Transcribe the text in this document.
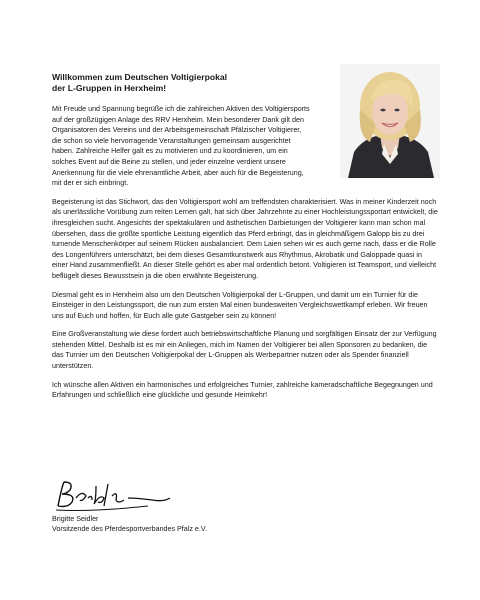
Willkommen zum Deutschen Voltigierpokal
der L-Gruppen in Herxheim!

Mit Freude und Spannung begrüße ich die zahlreichen Aktiven des Voltigiersports auf der großzügigen Anlage des RRV Herxheim. Mein besonderer Dank gilt den Organisatoren des Vereins und der Arbeitsgemeinschaft Pfälzischer Voltigierer, die schon so viele hervorragende Veranstaltungen gemeinsam ausgerichtet haben. Zahlreiche Helfer galt es zu motivieren und zu koordinieren, um ein solches Event auf die Beine zu stellen, und jeder einzelne verdient unsere Anerkennung für die viele ehrenamtliche Arbeit, aber auch für die Begeisterung, mit der er sich einbringt.

Begeisterung ist das Stichwort, das den Voltigiersport wohl am treffendsten charakterisiert. Was in meiner Kinderzeit noch als unerlässliche Vorübung zum reiten Lernen galt, hat sich über Jahrzehnte zu einer Hochleistungssportart entwickelt, die ihresgleichen sucht. Angesichts der spektakulären und ästhetischen Darbietungen der Voltigierer kann man schon mal übersehen, dass die größte sportliche Leistung eigentlich das Pferd erbringt, das in gleichmäßigem Galopp bis zu drei turnende Menschenkörper auf seinem Rücken ausbalanciert. Dem Laien sehen wir es auch gerne nach, dass er die Rolle des Longenführers unterschätzt, bei dem dieses Gesamtkunstwerk aus Rhythmus, Akrobatik und Galoppade quasi in einer Hand zusammenfließt. An dieser Stelle gehört es aber mal ordentlich betont. Voltigieren ist Teamsport, und vielleicht beflügelt dieses Bewusstsein ja die oben erwähnte Begeisterung.

Diesmal geht es in Herxheim also um den Deutschen Voltigierpokal der L-Gruppen, und damit um ein Turnier für die Einsteiger in den Leistungssport, die nun zum ersten Mal einen bundesweiten Vergleichswettkampf erleben. Wir freuen uns auf Euch und hoffen, für Euch alle gute Gastgeber sein zu können!

Eine Großveranstaltung wie diese fordert auch betriebswirtschaftliche Planung und sorgfältigen Einsatz der zur Verfügung stehenden Mittel. Deshalb ist es mir ein Anliegen, mich im Namen der Voltigierer bei allen Sponsoren zu bedanken, die das Turnier um den Deutschen Voltigierpokal der L-Gruppen als Werbepartner nutzen oder als Spender finanziell unterstützen.

Ich wünsche allen Aktiven ein harmonisches und erfolgreiches Turnier, zahlreiche kameradschaftliche Begegnungen und Erfahrungen und schließlich eine glückliche und gesunde Heimkehr!

Brigitte Seidler
Vorsitzende des Pferdesportverbandes Pfalz e.V.
